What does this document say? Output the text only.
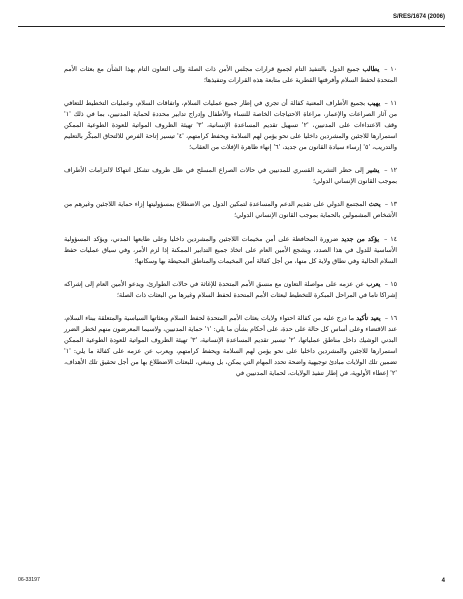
S/RES/1674 (2006)

١٠ – يطالب جميع الدول بالتنفيذ التام لجميع قرارات مجلس الأمن ذات الصلة وإلى التعاون التام بهذا الشأن مع بعثات الأمم المتحدة لحفظ السلام وأفرقتها القطرية على متابعة هذه القرارات وتنفيذها؛

١١ – يهيب بجميع الأطراف المعنية كفالة أن تجري في إطار جميع عمليات السلام، واتفاقات السلام، وعمليات التخطيط للتعافي من آثار الصراعات والإعمار، مراعاة الاحتياجات الخاصة للنساء والأطفال وإدراج تدابير محددة لحماية المدنيين، بما في ذلك '١' وقف الاعتداءات على المدنيين، '٢' تسهيل تقديم المساعدة الإنسانية، '٣' تهيئة الظروف المواتية للعودة الطوعية الممكن استمرارها للاجئين والمشردين داخليا على نحو يؤمن لهم السلامة ويحفظ كرامتهم، '٤' تيسير إتاحة الفرص للالتحاق المبكّر بالتعليم والتدريب، '٥' إرساء سيادة القانون من جديد، '٦' إنهاء ظاهرة الإفلات من العقاب؛

١٢ – يشير إلى حظر التشريد القسري للمدنيين في حالات الصراع المسلح في ظل ظروف تشكل انتهاكا لالتزامات الأطراف بموجب القانون الإنساني الدولي؛

١٣ – يحث المجتمع الدولي على تقديم الدعم والمساعدة لتمكين الدول من الاضطلاع بمسؤوليتها إزاء حماية اللاجئين وغيرهم من الأشخاص المشمولين بالحماية بموجب القانون الإنساني الدولي؛

١٤ – يؤكد من جديد ضرورة المحافظة على أمن مخيمات اللاجئين والمشردين داخليا وعلى طابعها المدني، ويؤكد المسؤولية الأساسية للدول في هذا الصدد، ويشجع الأمين العام على اتخاذ جميع التدابير الممكنة إذا لزم الأمر، وفي سياق عمليات حفظ السلام الحالية وفي نطاق ولاية كل منها، من أجل كفالة أمن المخيمات والمناطق المحيطة بها وسكانها؛

١٥ – يعرب عن عزمه على مواصلة التعاون مع منسق الأمم المتحدة للإغاثة في حالات الطوارئ، ويدعو الأمين العام إلى إشراكه إشراكا تاما في المراحل المبكرة للتخطيط لبعثات الأمم المتحدة لحفظ السلام وغيرها من البعثات ذات الصلة؛

١٦ – يعيد تأكيد ما درج عليه من كفالة احتواء ولايات بعثات الأمم المتحدة لحفظ السلام وبعثاتها السياسية والمتعلقة ببناء السلام، عند الاقتضاء وعلى أساس كل حالة على حدة، على أحكام بشأن ما يلي: '١' حماية المدنيين، ولاسيما المعرضون منهم لخطر الضرر البدني الوشيك داخل مناطق عملياتها، '٢' تيسير تقديم المساعدة الإنسانية، '٣' تهيئة الظروف المواتية للعودة الطوعية الممكن استمرارها للاجئين والمشردين داخليا على نحو يؤمن لهم السلامة ويحفظ كرامتهم، ويعرب عن عزمه على كفالة ما يلي: '١' تضمين تلك الولايات مبادئ توجيهية واضحة تحدد المهام التي يمكن، بل وينبغي، للبعثات الاضطلاع بها من أجل تحقيق تلك الأهداف، '٢' إعطاء الأولوية، في إطار تنفيذ الولايات، لحماية المدنيين في

06-33197	4
